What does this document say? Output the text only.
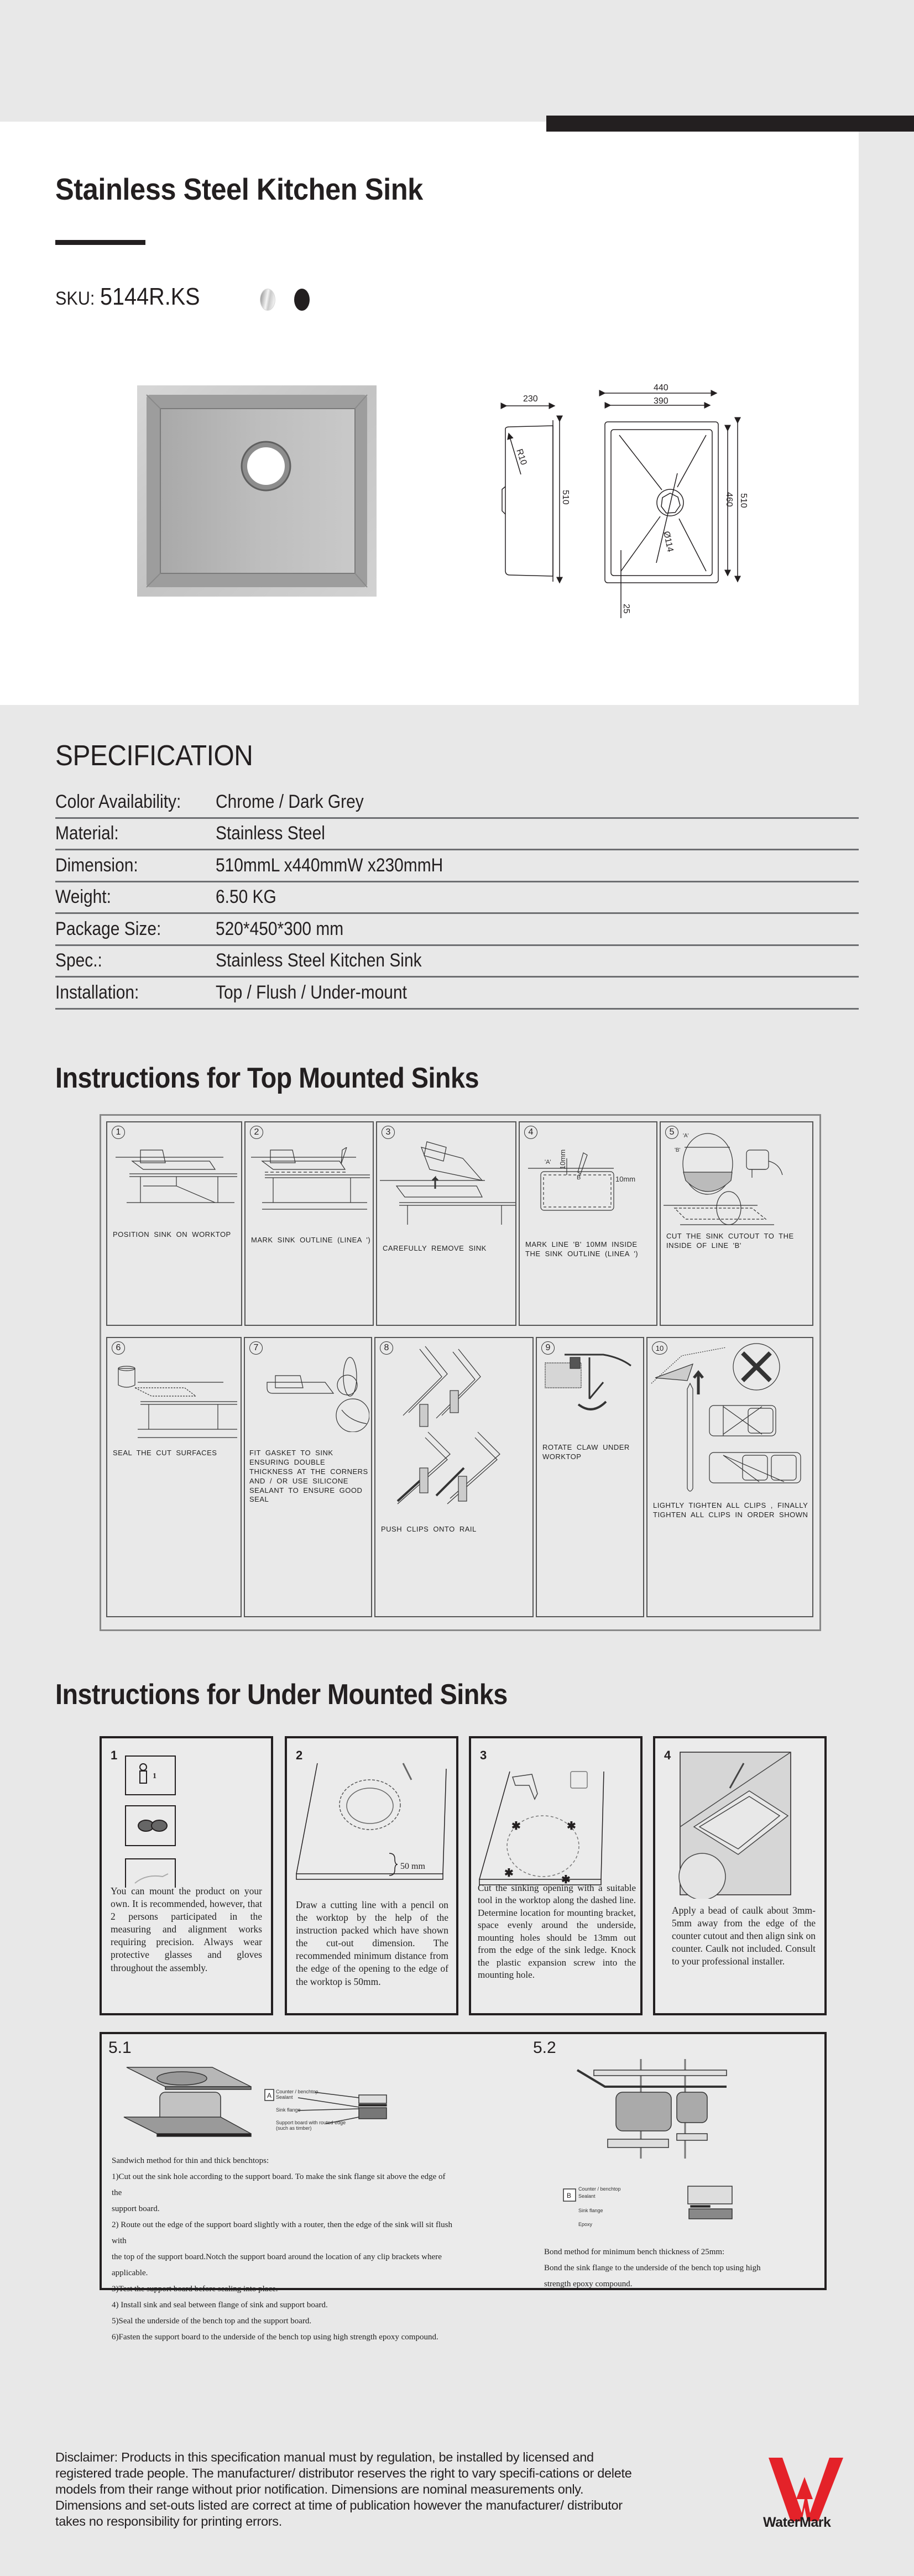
Stainless Steel Kitchen Sink
SKU: 5144R.KS
230
510
R10
440
390
Ø114
460 510
25
SPECIFICATION
Color Availability:	Chrome / Dark Grey
Material:	Stainless Steel
Dimension:	510mmL x440mmW x230mmH
Weight:	6.50 KG
Package Size:	520*450*300 mm
Spec.:	Stainless Steel Kitchen Sink
Installation:	Top / Flush / Under-mount
Instructions for Top Mounted Sinks
1
POSITION SINK ON WORKTOP
2
MARK SINK OUTLINE (LINEA ')
3
CAREFULLY REMOVE SINK
4
'A'
B
10mm
10mm
MARK LINE 'B' 10MM INSIDE THE SINK OUTLINE (LINEA ')
5	'A'
'B'
CUT THE SINK CUTOUT TO THE INSIDE OF LINE 'B'
6
SEAL THE CUT SURFACES
7
FIT GASKET TO SINK ENSURING DOUBLE THICKNESS AT THE CORNERS AND / OR USE SILICONE SEALANT TO ENSURE GOOD SEAL
8
PUSH CLIPS ONTO RAIL
9
ROTATE CLAW UNDER WORKTOP
10
LIGHTLY TIGHTEN ALL CLIPS , FINALLY TIGHTEN ALL CLIPS IN ORDER SHOWN
Instructions for Under Mounted Sinks
1
1
You can mount the product on your own. It is recommended, however, that 2 persons participated in the measuring and alignment works requiring precision. Always wear protective glasses and gloves throughout the assembly.
2
50 mm
Draw a cutting line with a pencil on the worktop by the help of the instruction packed which have shown the cut-out dimension. The recommended minimum distance from the edge of the opening to the edge of the worktop is 50mm.
3
✱	✱
✱
✱
Cut the sinking opening with a suitable tool in the worktop along the dashed line. Determine location for mounting bracket, space evenly around the underside, mounting holes should be 13mm out from the edge of the sink ledge. Knock the plastic expansion screw into the mounting hole.
4
Apply a bead of caulk about 3mm-5mm away from the edge of the counter cutout and then align sink on counter. Caulk not included. Consult to your professional installer.
5.1
A Counter / benchtop
Sealant
Sink flange
Support board with routed edge
(such as timber)
Sandwich method for thin and thick benchtops:
1)Cut out the sink hole according to the support board. To make the sink flange sit above the edge of the
support board.
2) Route out the edge of the support board slightly with a router, then the edge of the sink will sit flush with
the top of the support board.Notch the support board around the location of any clip brackets where applicable.
3)Test the support board before sealing into place.
4) Install sink and seal between flange of sink and support board.
5)Seal the underside of the bench top and the support board.
6)Fasten the support board to the underside of the bench top using high strength epoxy compound.
5.2
B
Counter / benchtop
Sealant
Sink flange
Epoxy
Bond method for minimum bench thickness of 25mm:
Bond the sink flange to the underside of the bench top using high
strength epoxy compound.
Disclaimer: Products in this specification manual must by regulation, be installed by licensed and registered trade people. The manufacturer/ distributor reserves the right to vary specifi-cations or delete models from their range without prior notification. Dimensions are nominal measurements only. Dimensions and set-outs listed are correct at time of publication however the manufacturer/ distributor takes no responsibility for printing errors.	WaterMark
